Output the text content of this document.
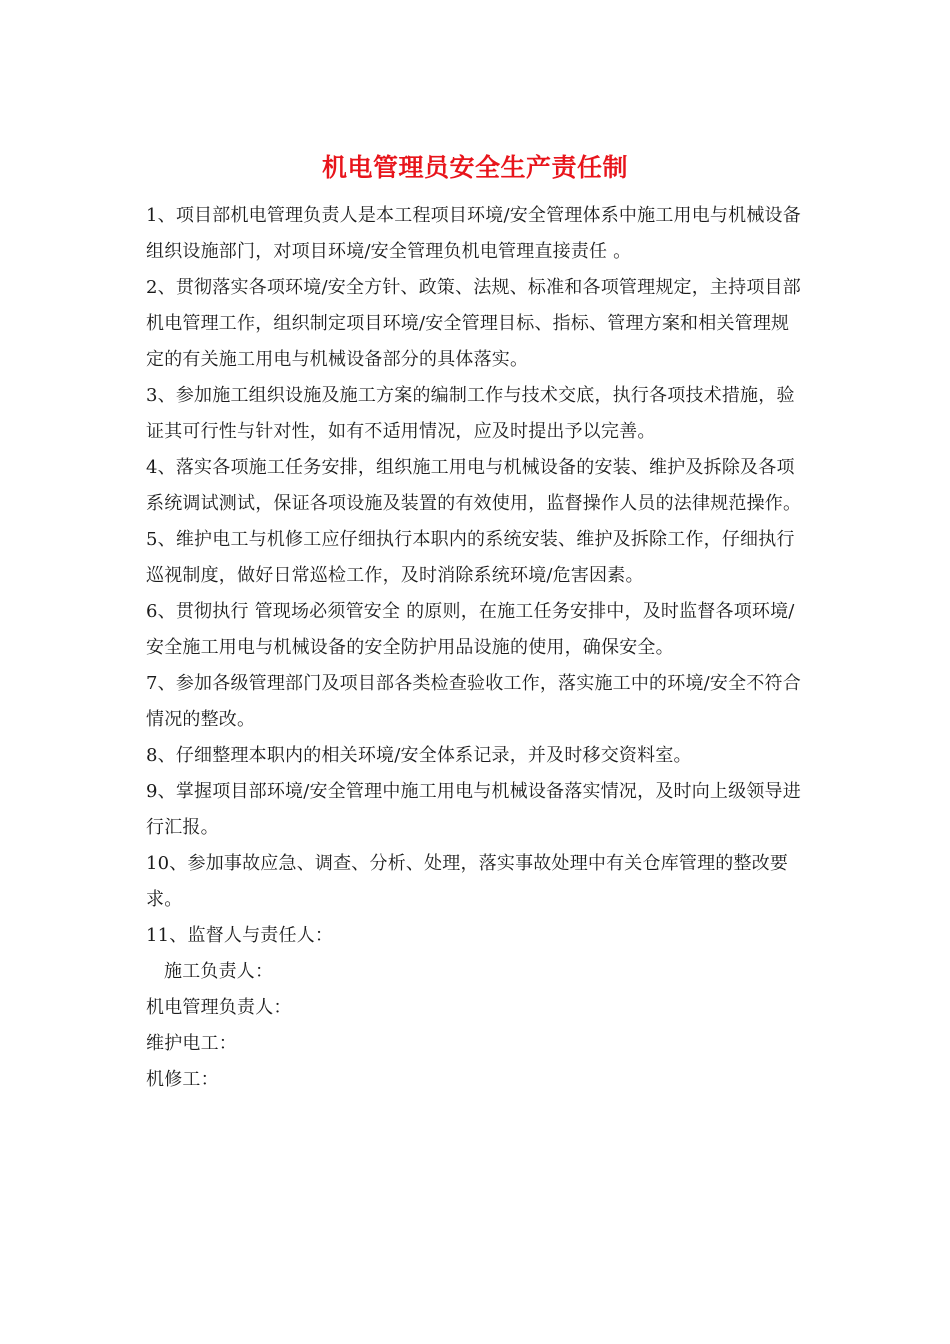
机电管理员安全生产责任制

1、项目部机电管理负责人是本工程项目环境/安全管理体系中施工用电与机械设备组织设施部门，对项目环境/安全管理负机电管理直接责任 。

2、贯彻落实各项环境/安全方针、政策、法规、标准和各项管理规定，主持项目部机电管理工作，组织制定项目环境/安全管理目标、指标、管理方案和相关管理规定的有关施工用电与机械设备部分的具体落实。

3、参加施工组织设施及施工方案的编制工作与技术交底，执行各项技术措施，验证其可行性与针对性，如有不适用情况，应及时提出予以完善。

4、落实各项施工任务安排，组织施工用电与机械设备的安装、维护及拆除及各项系统调试测试，保证各项设施及装置的有效使用，监督操作人员的法律规范操作。

5、维护电工与机修工应仔细执行本职内的系统安装、维护及拆除工作，仔细执行巡视制度，做好日常巡检工作，及时消除系统环境/危害因素。

6、贯彻执行 管现场必须管安全 的原则，在施工任务安排中，及时监督各项环境/安全施工用电与机械设备的安全防护用品设施的使用，确保安全。

7、参加各级管理部门及项目部各类检查验收工作，落实施工中的环境/安全不符合情况的整改。

8、仔细整理本职内的相关环境/安全体系记录，并及时移交资料室。

9、掌握项目部环境/安全管理中施工用电与机械设备落实情况，及时向上级领导进行汇报。

10、参加事故应急、调查、分析、处理，落实事故处理中有关仓库管理的整改要求。

11、监督人与责任人：

施工负责人：

机电管理负责人：

维护电工：

机修工：
